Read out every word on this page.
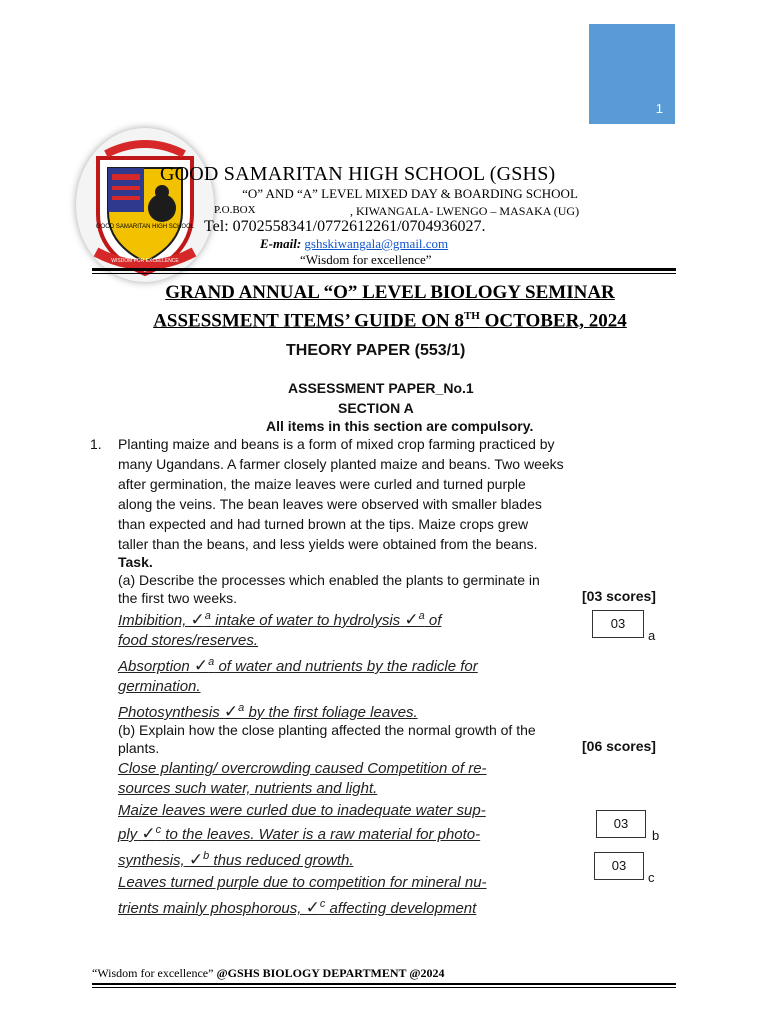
1
GOOD SAMARITAN HIGH SCHOOL
WISDOM FOR EXCELLENCE
GOOD SAMARITAN HIGH SCHOOL (GSHS)
“O” AND “A” LEVEL MIXED DAY & BOARDING SCHOOL
P.O.BOX	, KIWANGALA- LWENGO – MASAKA (UG)
Tel: 0702558341/0772612261/0704936027.
E-mail: gshskiwangala@gmail.com
“Wisdom for excellence”
GRAND ANNUAL “O” LEVEL BIOLOGY SEMINAR
ASSESSMENT ITEMS’ GUIDE ON 8TH OCTOBER, 2024
THEORY PAPER (553/1)
ASSESSMENT PAPER_No.1
SECTION A
All items in this section are compulsory.
1. Planting maize and beans is a form of mixed crop farming practiced by
many Ugandans. A farmer closely planted maize and beans. Two weeks
after germination, the maize leaves were curled and turned purple
along the veins. The bean leaves were observed with smaller blades
than expected and had turned brown at the tips. Maize crops grew
taller than the beans, and less yields were obtained from the beans.
Task.
(a) Describe the processes which enabled the plants to germinate in
the first two weeks.	[03 scores]
Imbibition, ✓$^a$ intake of water to hydrolysis ✓$^a$ of
food stores/reserves.
03
a
Absorption ✓$^a$ of water and nutrients by the radicle for
germination.
Photosynthesis ✓$^a$ by the first foliage leaves.
(b) Explain how the close planting affected the normal growth of the
plants.	[06 scores]
Close planting/ overcrowding caused Competition of re-
sources such water, nutrients and light.
Maize leaves were curled due to inadequate water sup-
ply ✓$^c$ to the leaves. Water is a raw material for photo-
03
b
synthesis, ✓$^b$ thus reduced growth.	03
c
Leaves turned purple due to competition for mineral nu-
trients mainly phosphorous, ✓$^c$ affecting development
“Wisdom for excellence” @GSHS BIOLOGY DEPARTMENT @2024
